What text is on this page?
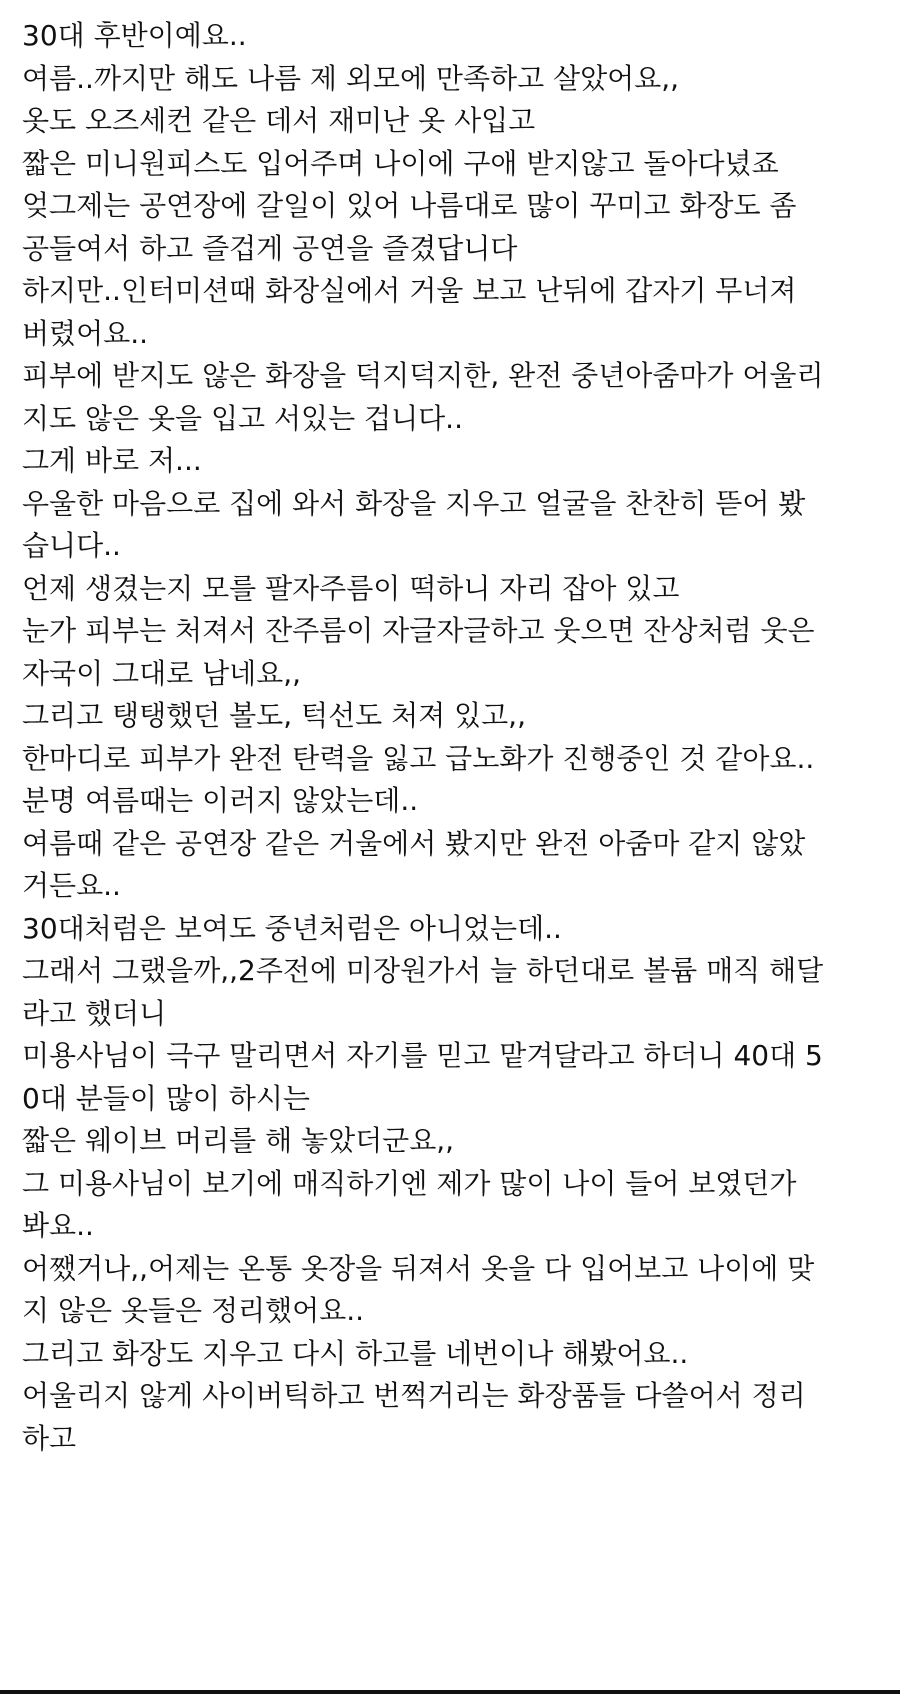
30대 후반이예요..
여름..까지만 해도 나름 제 외모에 만족하고 살았어요,,
옷도 오즈세컨 같은 데서 재미난 옷 사입고
짧은 미니원피스도 입어주며 나이에 구애 받지않고 돌아다녔죠
엊그제는 공연장에 갈일이 있어 나름대로 많이 꾸미고 화장도 좀
공들여서 하고 즐겁게 공연을 즐겼답니다
하지만..인터미션때 화장실에서 거울 보고 난뒤에 갑자기 무너져
버렸어요..
피부에 받지도 않은 화장을 덕지덕지한, 완전 중년아줌마가 어울리
지도 않은 옷을 입고 서있는 겁니다..
그게 바로 저...
우울한 마음으로 집에 와서 화장을 지우고 얼굴을 찬찬히 뜯어 봤
습니다..
언제 생겼는지 모를 팔자주름이 떡하니 자리 잡아 있고
눈가 피부는 처져서 잔주름이 자글자글하고 웃으면 잔상처럼 웃은
자국이 그대로 남네요,,
그리고 탱탱했던 볼도, 턱선도 처져 있고,,
한마디로 피부가 완전 탄력을 잃고 급노화가 진행중인 것 같아요..
분명 여름때는 이러지 않았는데..
여름때 같은 공연장 같은 거울에서 봤지만 완전 아줌마 같지 않았
거든요..
30대처럼은 보여도 중년처럼은 아니었는데..
그래서 그랬을까,,2주전에 미장원가서 늘 하던대로 볼륨 매직 해달
라고 했더니
미용사님이 극구 말리면서 자기를 믿고 맡겨달라고 하더니 40대 5
0대 분들이 많이 하시는
짧은 웨이브 머리를 해 놓았더군요,,
그 미용사님이 보기에 매직하기엔 제가 많이 나이 들어 보였던가
봐요..
어쨌거나,,어제는 온통 옷장을 뒤져서 옷을 다 입어보고 나이에 맞
지 않은 옷들은 정리했어요..
그리고 화장도 지우고 다시 하고를 네번이나 해봤어요..
어울리지 않게 사이버틱하고 번쩍거리는 화장품들 다쓸어서 정리
하고
